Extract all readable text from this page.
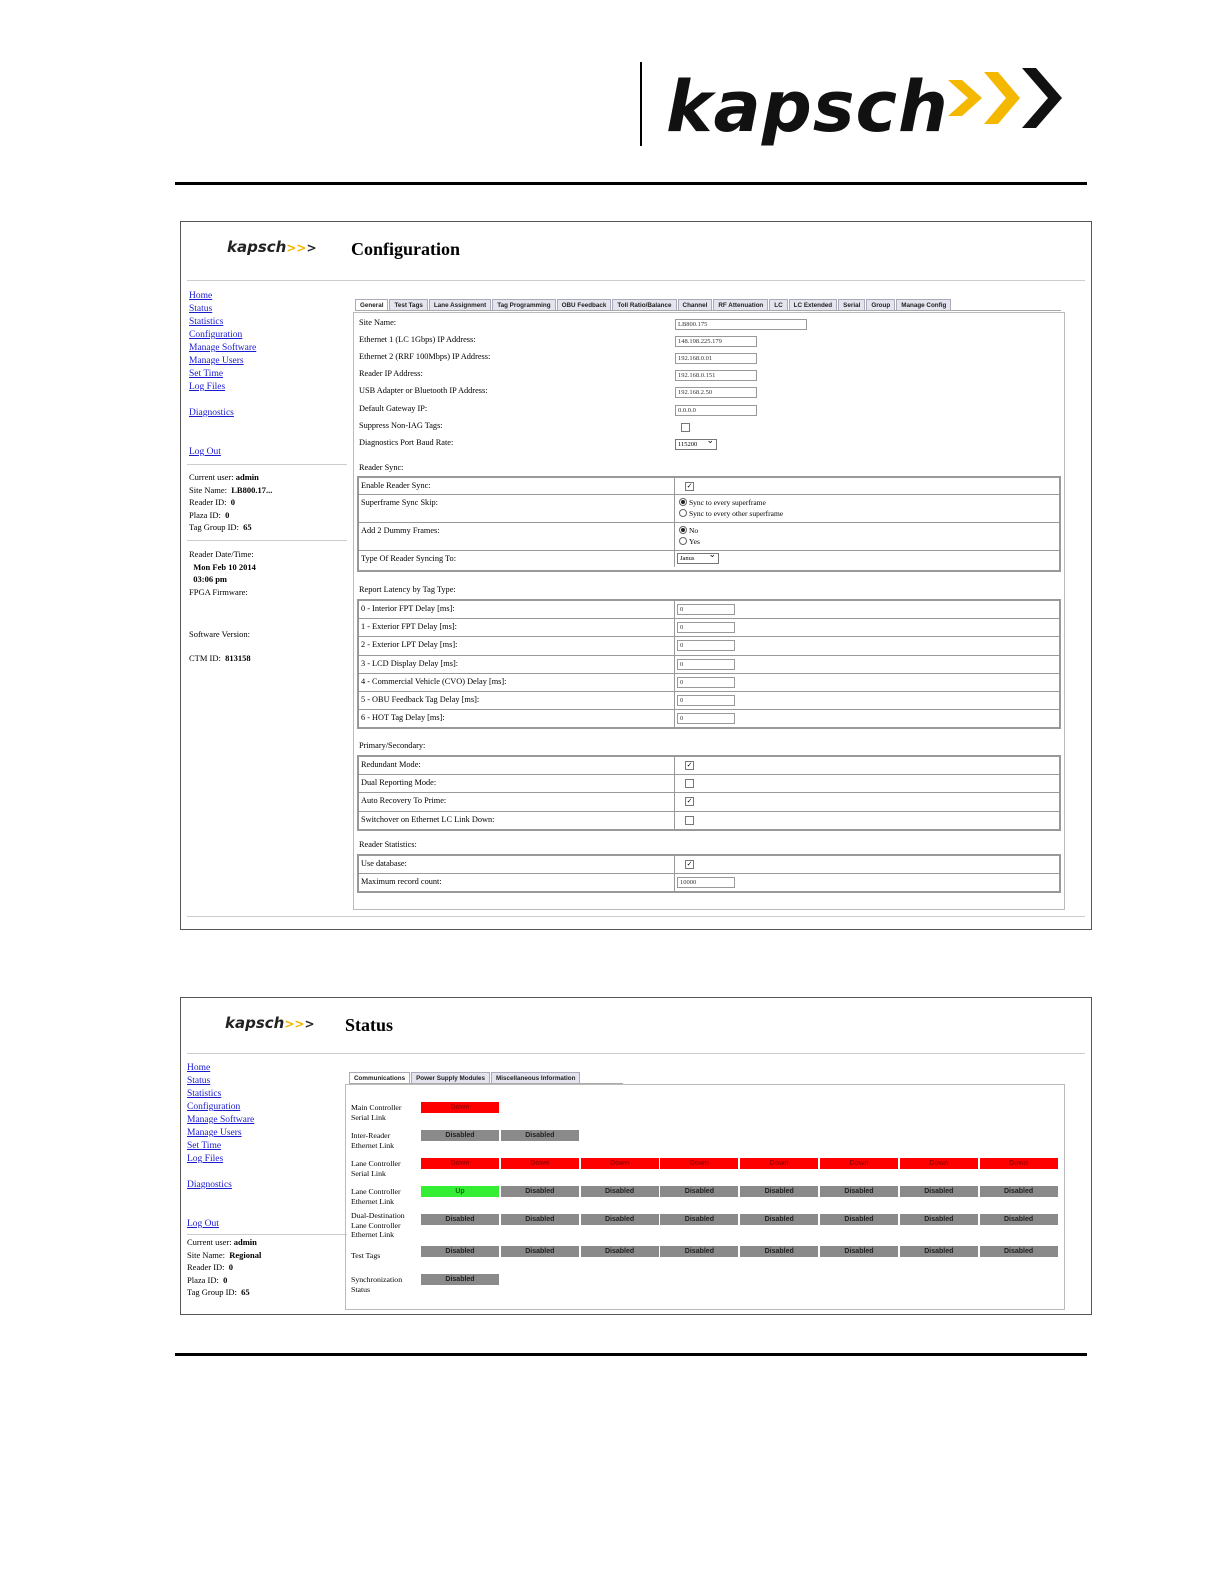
kapsch
kapsch>>> Configuration
Home
Status
Statistics
Configuration
Manage Software
Manage Users
Set Time
Log Files
Diagnostics
Log Out
Current user: admin
Site Name: LB800.17...
Reader ID: 0
Plaza ID: 0
Tag Group ID: 65
Reader Date/Time:
Mon Feb 10 2014
03:06 pm
FPGA Firmware:
Software Version:
CTM ID: 813158
General	Test Tags	Lane Assignment	Tag Programming	OBU Feedback	Toll Ratio/Balance	Channel	RF Attenuation	LC	LC Extended	Serial	Group	Manage Config
Reader Sync:
Enable Reader Sync:	✓
Superframe Sync Skip:	Sync to every superframe
Sync to every other superframe
Add 2 Dummy Frames:	No
Yes
Type Of Reader Syncing To:	Janus ⌄
Report Latency by Tag Type:
0 - Interior FPT Delay [ms]:	0
1 - Exterior FPT Delay [ms]:	0
2 - Exterior LPT Delay [ms]:	0
3 - LCD Display Delay [ms]:	0
4 - Commercial Vehicle (CVO) Delay [ms]:	0
5 - OBU Feedback Tag Delay [ms]:	0
6 - HOT Tag Delay [ms]:	0
Primary/Secondary:
Redundant Mode:	✓
Dual Reporting Mode:
Auto Recovery To Prime:	✓
Switchover on Ethernet LC Link Down:
Reader Statistics:
Use database:	✓
Maximum record count:	10000
Site Name:	LB800.175
Ethernet 1 (LC 1Gbps) IP Address:	148.198.225.179
Ethernet 2 (RRF 100Mbps) IP Address:	192.168.0.01
Reader IP Address:	192.168.0.151
USB Adapter or Bluetooth IP Address:	192.168.2.50
Default Gateway IP:	0.0.0.0
Suppress Non-IAG Tags:
Diagnostics Port Baud Rate:	115200 ⌄
kapsch>>> Status
Home
Status
Statistics
Configuration
Manage Software
Manage Users
Set Time
Log Files
Diagnostics
Log Out
Current user: admin
Site Name: Regional
Reader ID: 0
Plaza ID: 0
Tag Group ID: 65
Communications	Power Supply Modules	Miscellaneous Information
Main Controller
Serial Link
Down
Inter-Reader
Ethernet Link
Disabled	Disabled
Lane Controller
Serial Link
Down	Down	Down	Down	Down	Down	Down	Down
Lane Controller
Ethernet Link
Up	Disabled	Disabled	Disabled	Disabled	Disabled	Disabled	Disabled
Dual-Destination
Lane Controller
Ethernet Link
Disabled	Disabled	Disabled	Disabled	Disabled	Disabled	Disabled	Disabled
Test Tags	Disabled	Disabled	Disabled	Disabled	Disabled	Disabled	Disabled	Disabled
Synchronization
Status
Disabled
